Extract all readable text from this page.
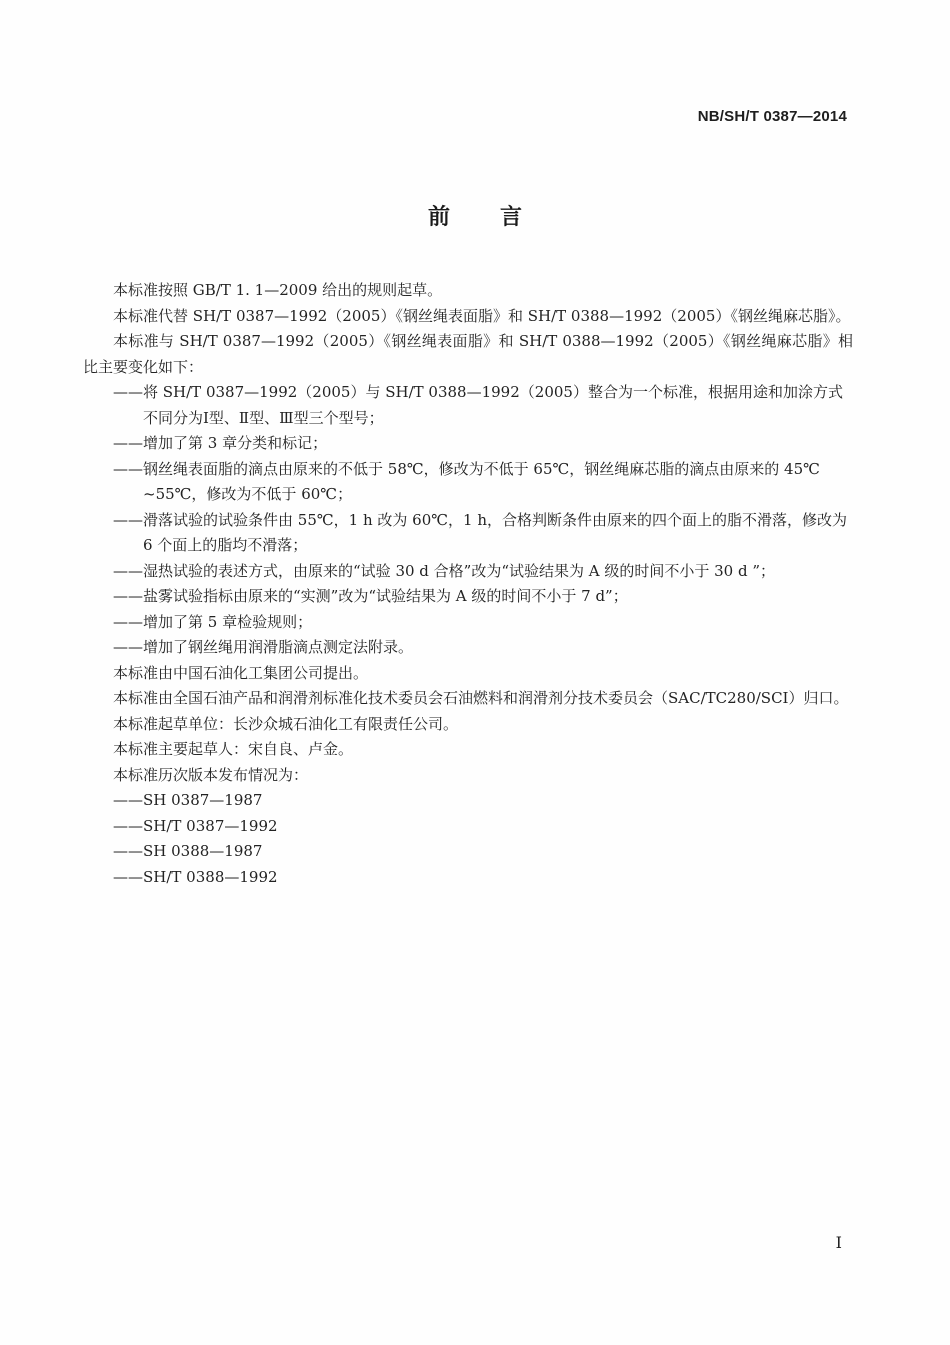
NB/SH/T 0387—2014
前言

本标准按照 GB/T 1. 1—2009 给出的规则起草。

本标准代替 SH/T 0387—1992（2005）《钢丝绳表面脂》和 SH/T 0388—1992（2005）《钢丝绳麻芯脂》。

本标准与 SH/T 0387—1992（2005）《钢丝绳表面脂》和 SH/T 0388—1992（2005）《钢丝绳麻芯脂》相比主要变化如下：

——将 SH/T 0387—1992（2005）与 SH/T 0388—1992（2005）整合为一个标准，根据用途和加涂方式不同分为Ⅰ型、Ⅱ型、Ⅲ型三个型号；

——增加了第 3 章分类和标记；

——钢丝绳表面脂的滴点由原来的不低于 58℃，修改为不低于 65℃，钢丝绳麻芯脂的滴点由原来的 45℃ ~55℃，修改为不低于 60℃；

——滑落试验的试验条件由 55℃，1 h 改为 60℃，1 h，合格判断条件由原来的四个面上的脂不滑落，修改为 6 个面上的脂均不滑落；

——湿热试验的表述方式，由原来的“试验 30 d 合格”改为“试验结果为 A 级的时间不小于 30 d ”；

——盐雾试验指标由原来的“实测”改为“试验结果为 A 级的时间不小于 7 d”；

——增加了第 5 章检验规则；

——增加了钢丝绳用润滑脂滴点测定法附录。

本标准由中国石油化工集团公司提出。

本标准由全国石油产品和润滑剂标准化技术委员会石油燃料和润滑剂分技术委员会（SAC/TC280/SCI）归口。

本标准起草单位：长沙众城石油化工有限责任公司。

本标准主要起草人：宋自良、卢金。

本标准历次版本发布情况为：

——SH 0387—1987

——SH/T 0387—1992

——SH 0388—1987

——SH/T 0388—1992

I
